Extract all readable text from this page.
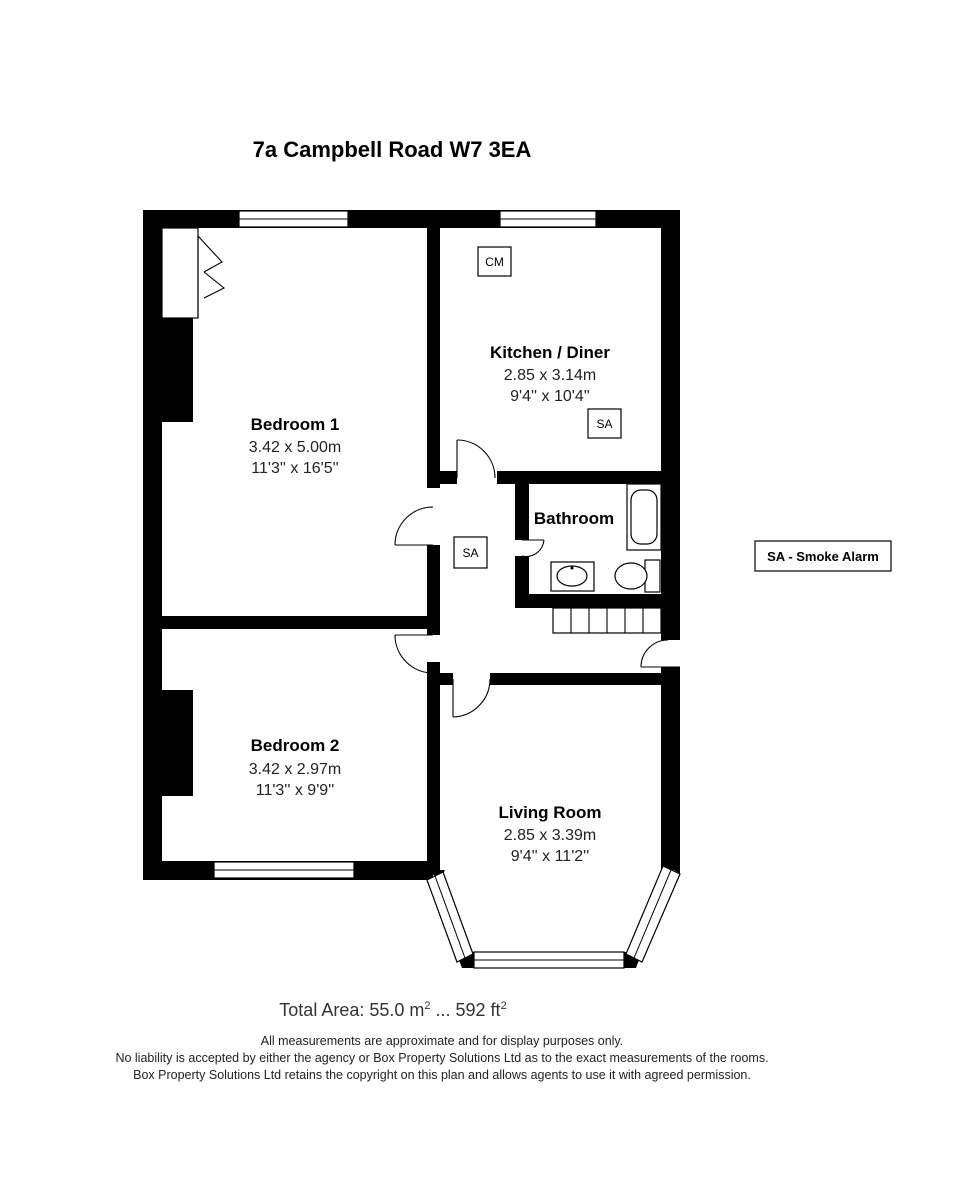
7a Campbell Road W7 3EA
CM
SA
SA
Bedroom 1
3.42 x 5.00m
11'3'' x 16'5''
Kitchen / Diner
2.85 x 3.14m
9'4'' x 10'4''
Bathroom
Bedroom 2
3.42 x 2.97m
11'3'' x 9'9''
Living Room
2.85 x 3.39m
9'4'' x 11'2''
SA - Smoke Alarm
Total Area: 55.0 $m^2$ ... 592 $ft^2$
All measurements are approximate and for display purposes only.
No liability is accepted by either the agency or Box Property Solutions Ltd as to the exact measurements of the rooms.
Box Property Solutions Ltd retains the copyright on this plan and allows agents to use it with agreed permission.
